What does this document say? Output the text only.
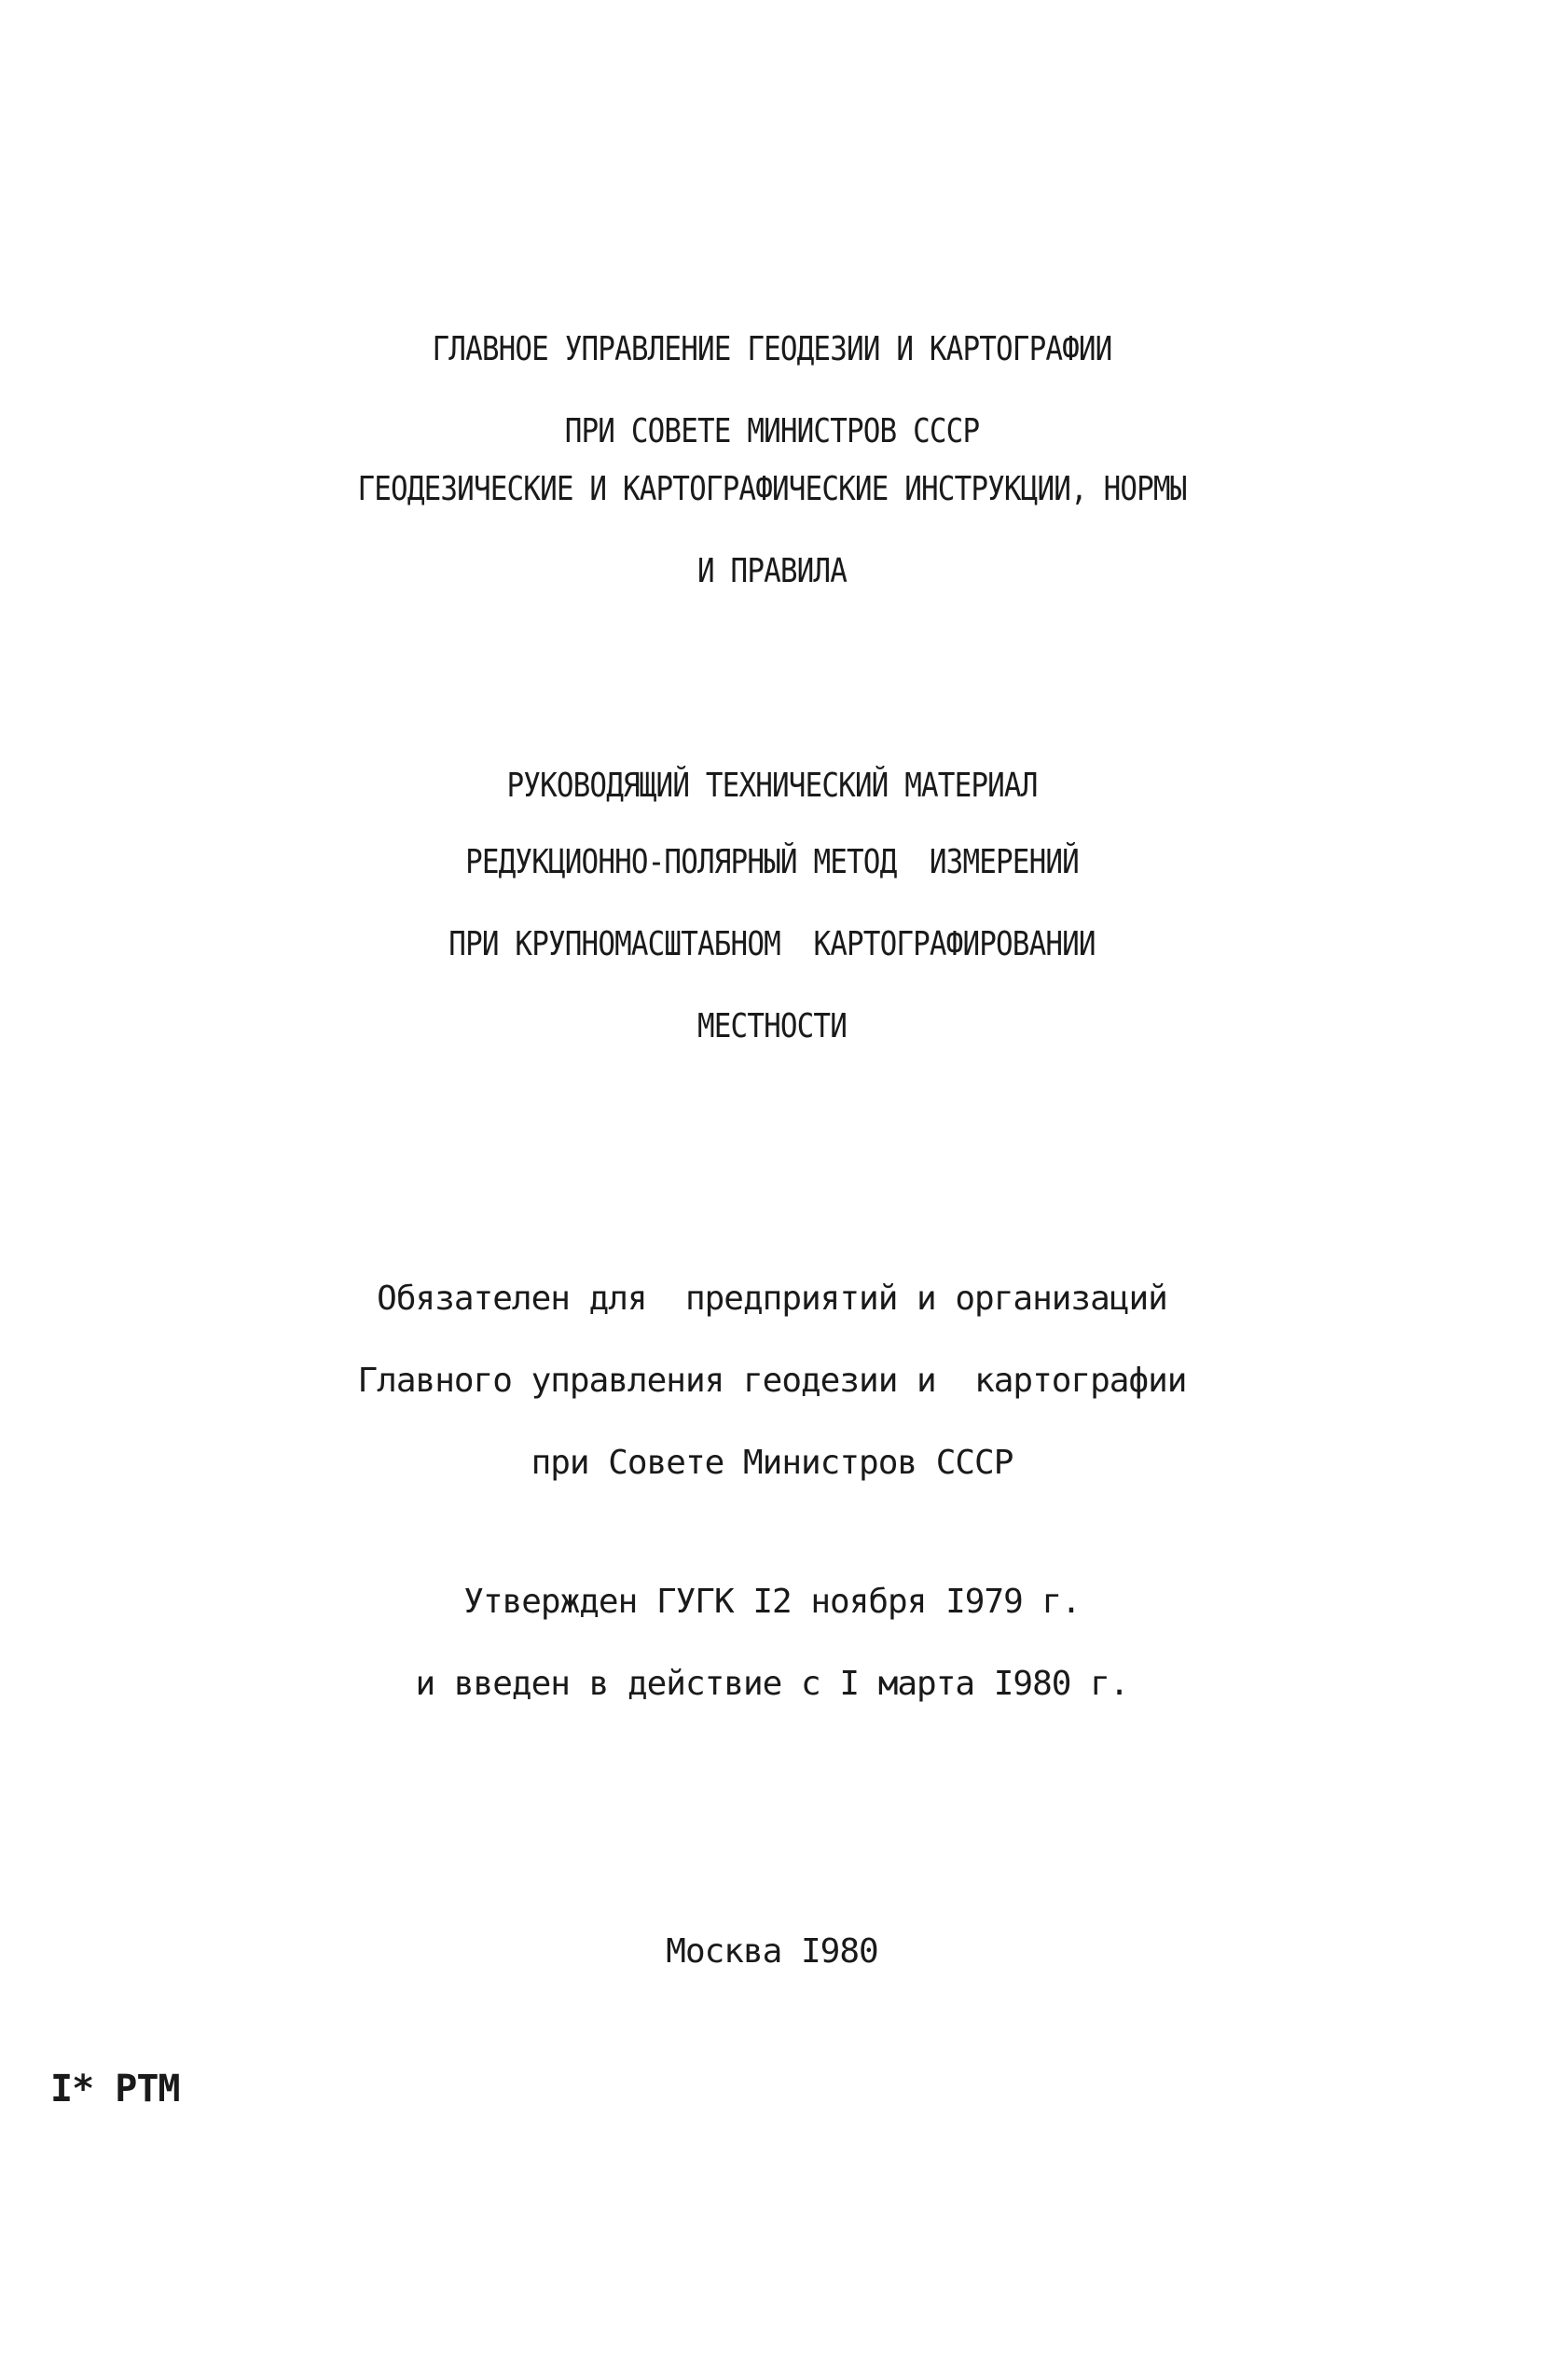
ГЛАВНОЕ УПРАВЛЕНИЕ ГЕОДЕЗИИ И КАРТОГРАФИИ

ПРИ СОВЕТЕ МИНИСТРОВ СССР

ГЕОДЕЗИЧЕСКИЕ И КАРТОГРАФИЧЕСКИЕ ИНСТРУКЦИИ, НОРМЫ

И ПРАВИЛА

РУКОВОДЯЩИЙ ТЕХНИЧЕСКИЙ МАТЕРИАЛ

РЕДУКЦИОННО-ПОЛЯРНЫЙ МЕТОД  ИЗМЕРЕНИЙ

ПРИ КРУПНОМАСШТАБНОМ  КАРТОГРАФИРОВАНИИ

МЕСТНОСТИ

Обязателен для  предприятий и организаций

Главного управления геодезии и  картографии

при Совете Министров СССР

Утвержден ГУГК I2 ноября I979 г.

и введен в действие с I марта I980 г.

Москва I980

I* РТМ
